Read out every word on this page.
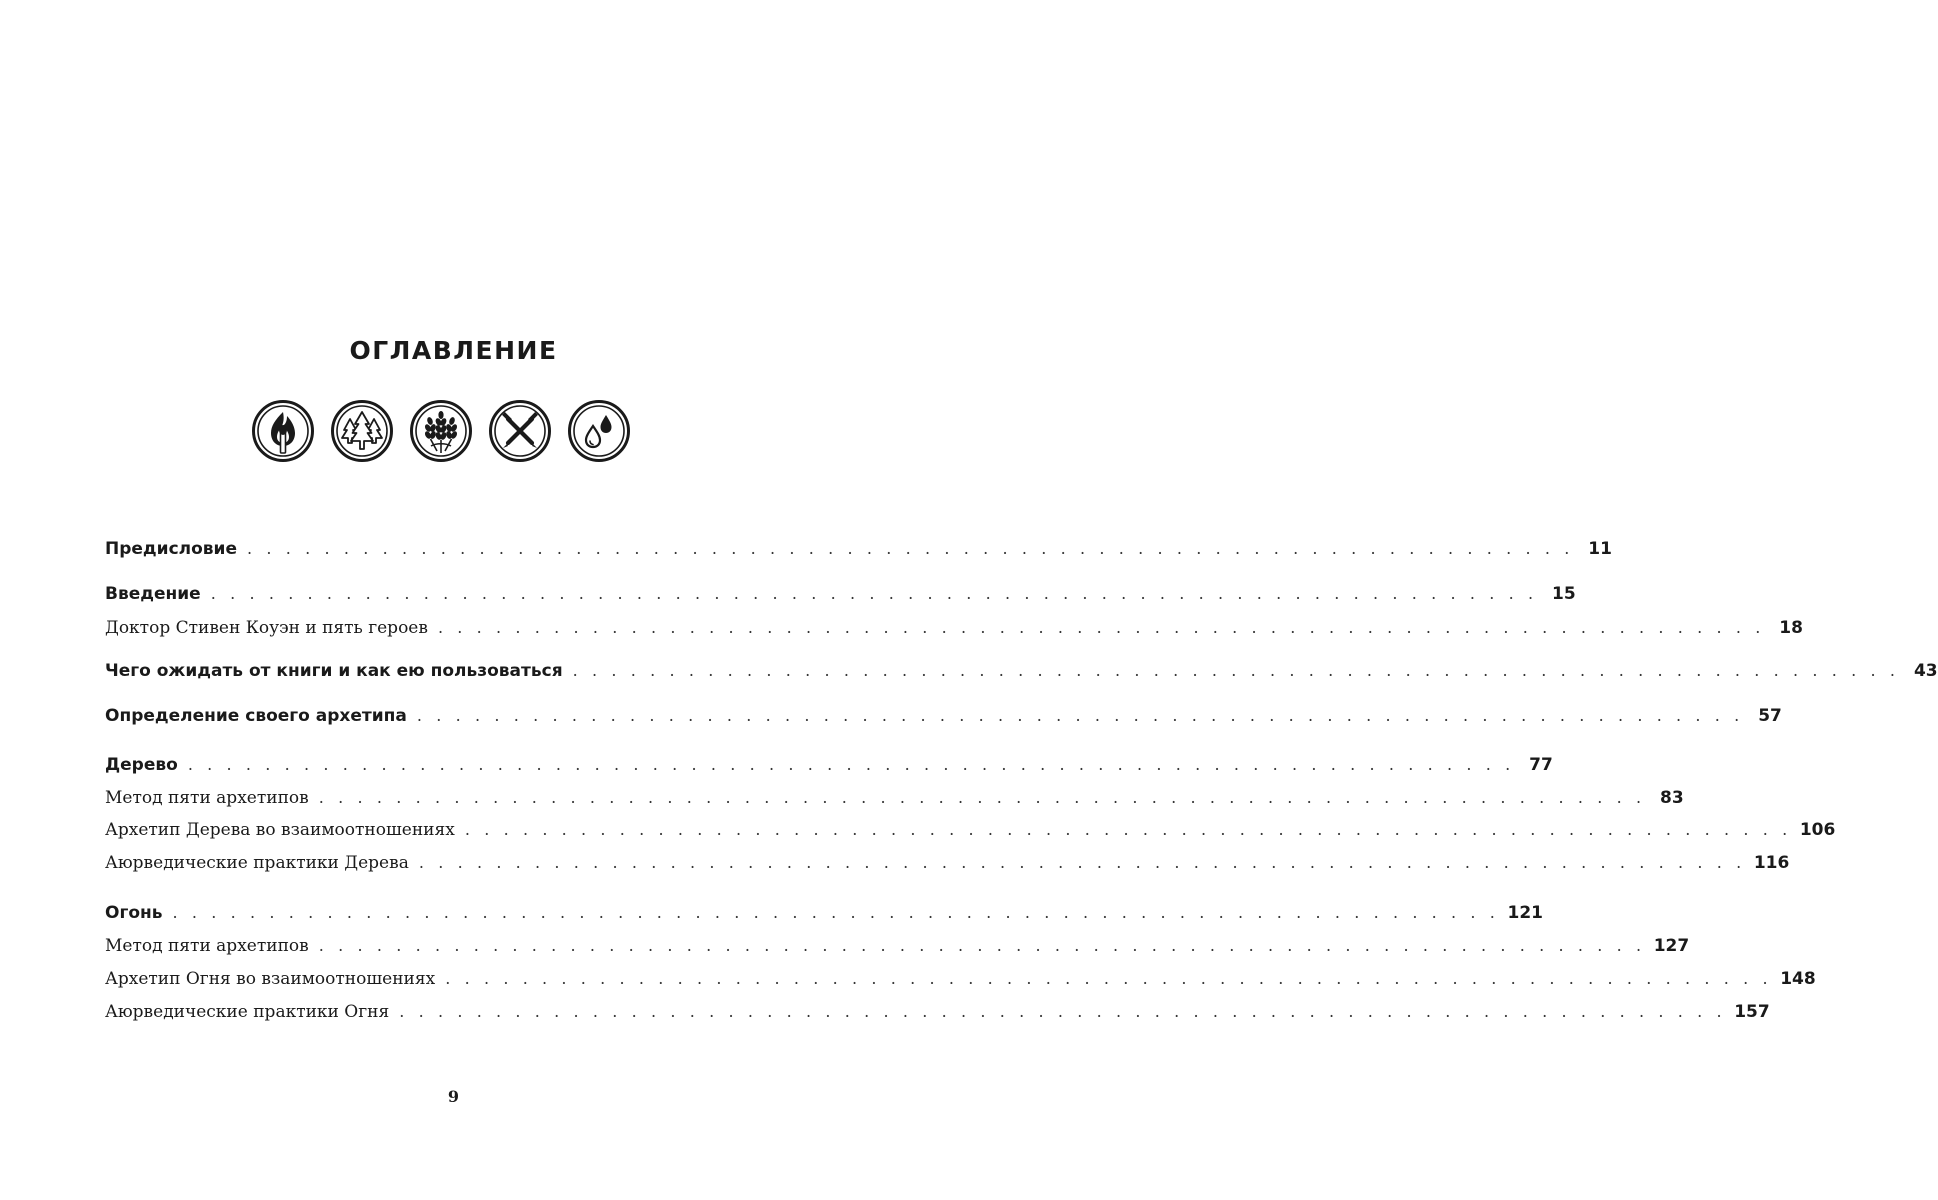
ОГЛАВЛЕНИЕ
Предисловие . . . . . . . . . . . . . . . . . . . . . . . . . . . . . . . . . . . . . . . . . . . . . . . . . . . . . . . . . . . . . . . . . . . . . 11
Введение . . . . . . . . . . . . . . . . . . . . . . . . . . . . . . . . . . . . . . . . . . . . . . . . . . . . . . . . . . . . . . . . . . . . . 15
Доктор Стивен Коуэн и пять героев . . . . . . . . . . . . . . . . . . . . . . . . . . . . . . . . . . . . . . . . . . . . . . . . . . . . . . . . . . . . . . . . . . . . . 18
Чего ожидать от книги и как ею пользоваться . . . . . . . . . . . . . . . . . . . . . . . . . . . . . . . . . . . . . . . . . . . . . . . . . . . . . . . . . . . . . . . . . . . . . 43
Определение своего архетипа . . . . . . . . . . . . . . . . . . . . . . . . . . . . . . . . . . . . . . . . . . . . . . . . . . . . . . . . . . . . . . . . . . . . . 57
Дерево . . . . . . . . . . . . . . . . . . . . . . . . . . . . . . . . . . . . . . . . . . . . . . . . . . . . . . . . . . . . . . . . . . . . . 77
Метод пяти архетипов . . . . . . . . . . . . . . . . . . . . . . . . . . . . . . . . . . . . . . . . . . . . . . . . . . . . . . . . . . . . . . . . . . . . . 83
Архетип Дерева во взаимоотношениях . . . . . . . . . . . . . . . . . . . . . . . . . . . . . . . . . . . . . . . . . . . . . . . . . . . . . . . . . . . . . . . . . . . . . 106
Аюрведические практики Дерева . . . . . . . . . . . . . . . . . . . . . . . . . . . . . . . . . . . . . . . . . . . . . . . . . . . . . . . . . . . . . . . . . . . . . 116
Огонь . . . . . . . . . . . . . . . . . . . . . . . . . . . . . . . . . . . . . . . . . . . . . . . . . . . . . . . . . . . . . . . . . . . . . 121
Метод пяти архетипов . . . . . . . . . . . . . . . . . . . . . . . . . . . . . . . . . . . . . . . . . . . . . . . . . . . . . . . . . . . . . . . . . . . . . 127
Архетип Огня во взаимоотношениях . . . . . . . . . . . . . . . . . . . . . . . . . . . . . . . . . . . . . . . . . . . . . . . . . . . . . . . . . . . . . . . . . . . . . 148
Аюрведические практики Огня . . . . . . . . . . . . . . . . . . . . . . . . . . . . . . . . . . . . . . . . . . . . . . . . . . . . . . . . . . . . . . . . . . . . . 157
9
